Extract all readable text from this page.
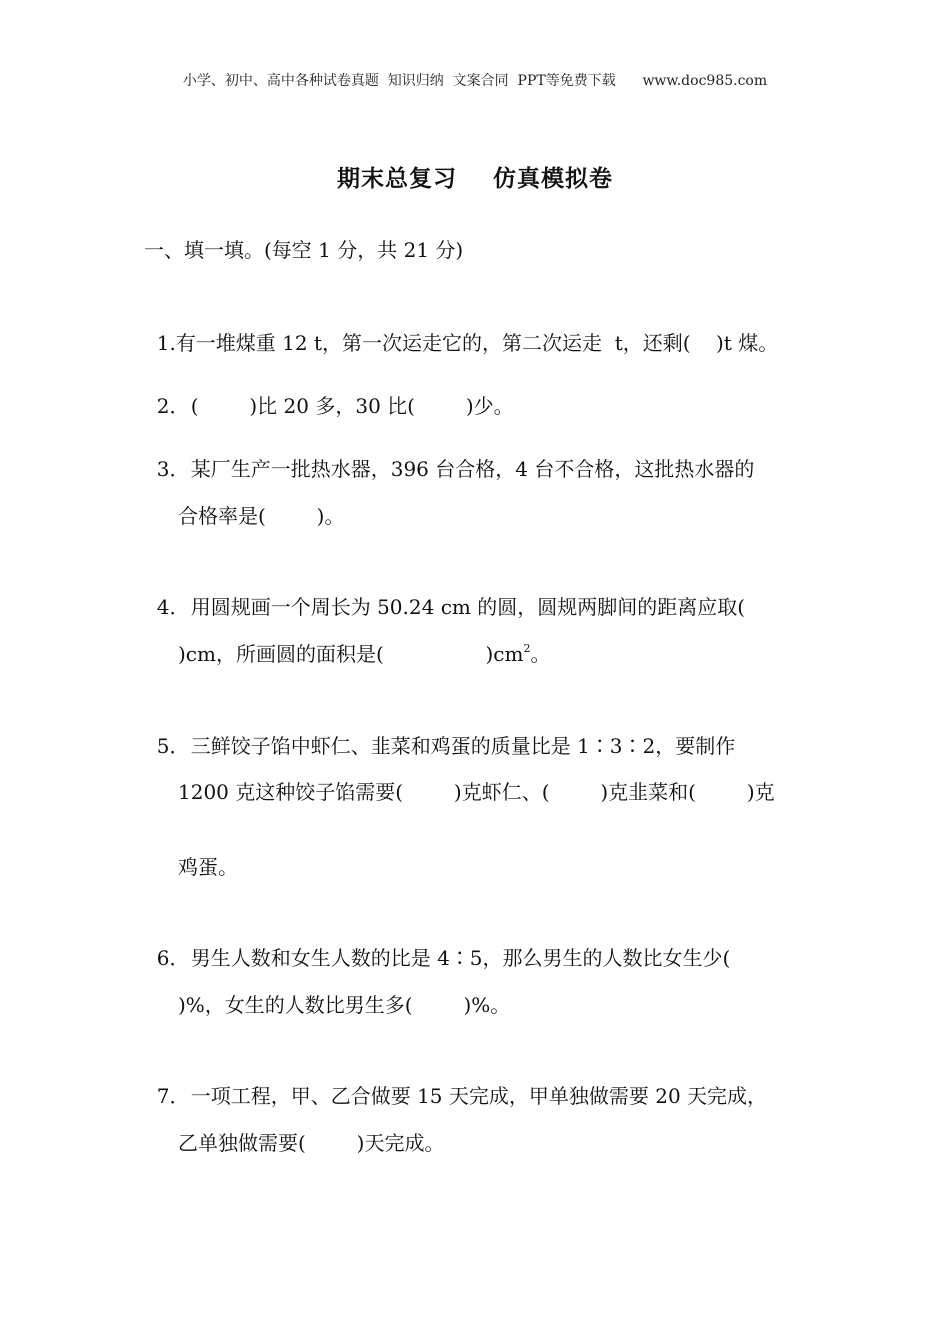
小学、初中、高中各种试卷真题  知识归纳  文案合同  PPT等免费下载      www.doc985.com
期末总复习    仿真模拟卷
一、填一填。(每空 1 分，共 21 分)

1.有一堆煤重 12 t，第一次运走它的，第二次运走  t，还剩(    )t 煤。

2．(        )比 20 多，30 比(        )少。

3．某厂生产一批热水器，396 台合格，4 台不合格，这批热水器的

合格率是(        )。

4．用圆规画一个周长为 50.24 cm 的圆，圆规两脚间的距离应取(

)cm，所画圆的面积是(                )$cm^2$。

5．三鲜饺子馅中虾仁、韭菜和鸡蛋的质量比是 1∶3∶2，要制作

1200 克这种饺子馅需要(        )克虾仁、(        )克韭菜和(        )克
鸡蛋。

6．男生人数和女生人数的比是 4∶5，那么男生的人数比女生少(

)%，女生的人数比男生多(        )%。

7．一项工程，甲、乙合做要 15 天完成，甲单独做需要 20 天完成，

乙单独做需要(        )天完成。
